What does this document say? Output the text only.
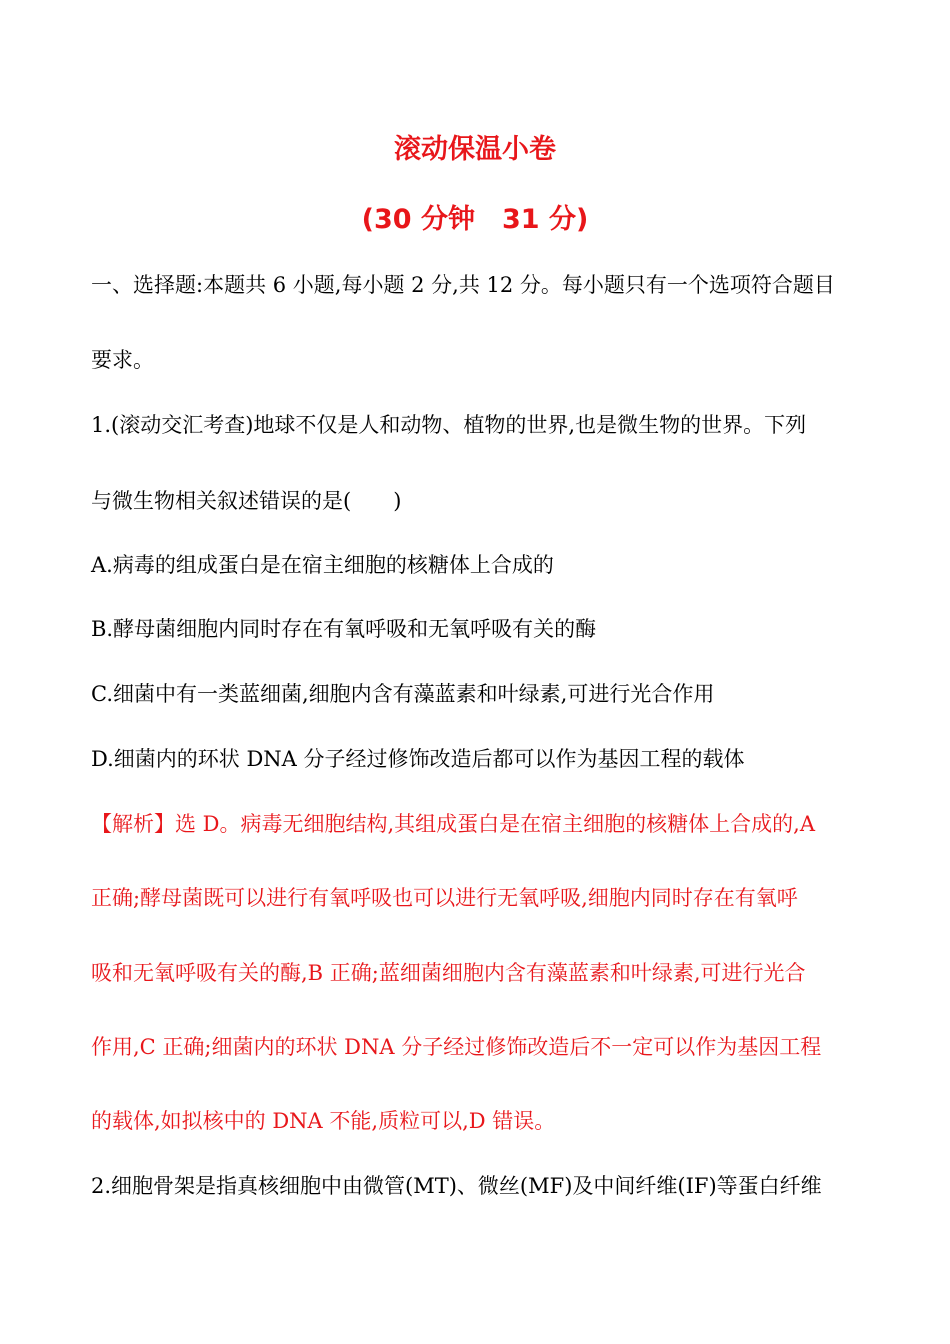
滚动保温小卷
(30 分钟　31 分)

一、选择题:本题共 6 小题,每小题 2 分,共 12 分。每小题只有一个选项符合题目

要求。

1.(滚动交汇考查)地球不仅是人和动物、植物的世界,也是微生物的世界。下列

与微生物相关叙述错误的是(　　)

A.病毒的组成蛋白是在宿主细胞的核糖体上合成的

B.酵母菌细胞内同时存在有氧呼吸和无氧呼吸有关的酶

C.细菌中有一类蓝细菌,细胞内含有藻蓝素和叶绿素,可进行光合作用

D.细菌内的环状 DNA 分子经过修饰改造后都可以作为基因工程的载体

【解析】选 D。病毒无细胞结构,其组成蛋白是在宿主细胞的核糖体上合成的,A

正确;酵母菌既可以进行有氧呼吸也可以进行无氧呼吸,细胞内同时存在有氧呼

吸和无氧呼吸有关的酶,B 正确;蓝细菌细胞内含有藻蓝素和叶绿素,可进行光合

作用,C 正确;细菌内的环状 DNA 分子经过修饰改造后不一定可以作为基因工程

的载体,如拟核中的 DNA 不能,质粒可以,D 错误。

2.细胞骨架是指真核细胞中由微管(MT)、微丝(MF)及中间纤维(IF)等蛋白纤维
